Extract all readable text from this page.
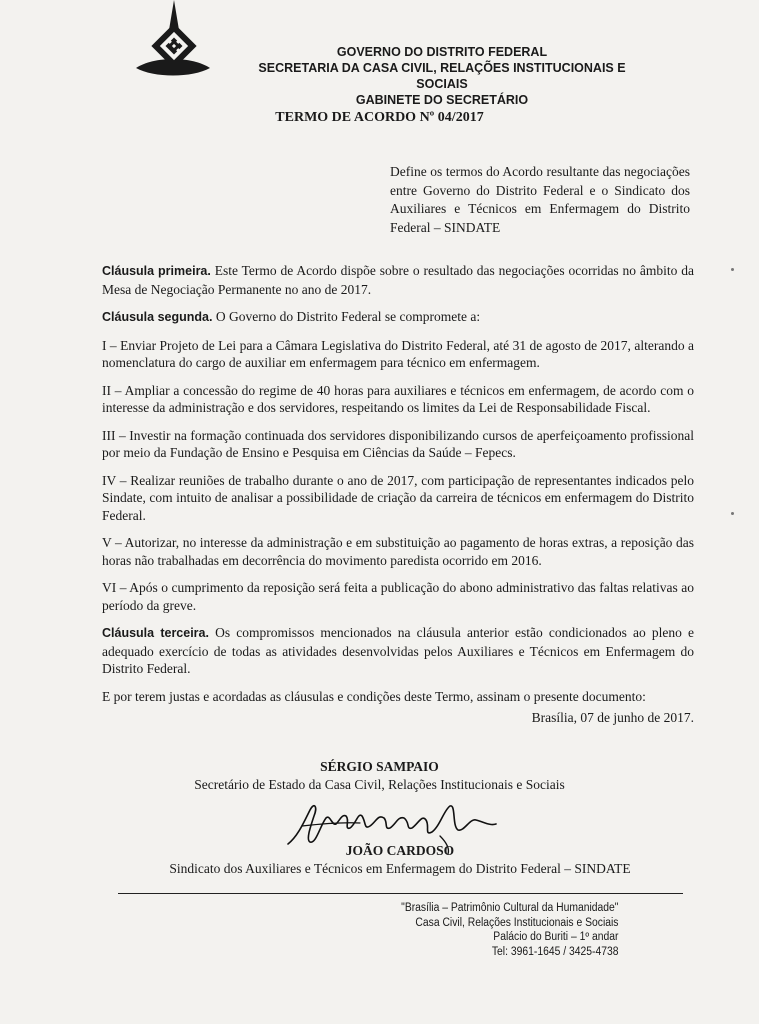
GOVERNO DO DISTRITO FEDERAL
SECRETARIA DA CASA CIVIL, RELAÇÕES INSTITUCIONAIS E SOCIAIS
GABINETE DO SECRETÁRIO
TERMO DE ACORDO Nº 04/2017
Define os termos do Acordo resultante das negociações entre Governo do Distrito Federal e o Sindicato dos Auxiliares e Técnicos em Enfermagem do Distrito Federal – SINDATE

Cláusula primeira. Este Termo de Acordo dispõe sobre o resultado das negociações ocorridas no âmbito da Mesa de Negociação Permanente no ano de 2017.

Cláusula segunda. O Governo do Distrito Federal se compromete a:

I – Enviar Projeto de Lei para a Câmara Legislativa do Distrito Federal, até 31 de agosto de 2017, alterando a nomenclatura do cargo de auxiliar em enfermagem para técnico em enfermagem.

II – Ampliar a concessão do regime de 40 horas para auxiliares e técnicos em enfermagem, de acordo com o interesse da administração e dos servidores, respeitando os limites da Lei de Responsabilidade Fiscal.

III – Investir na formação continuada dos servidores disponibilizando cursos de aperfeiçoamento profissional por meio da Fundação de Ensino e Pesquisa em Ciências da Saúde – Fepecs.

IV – Realizar reuniões de trabalho durante o ano de 2017, com participação de representantes indicados pelo Sindate, com intuito de analisar a possibilidade de criação da carreira de técnicos em enfermagem do Distrito Federal.

V – Autorizar, no interesse da administração e em substituição ao pagamento de horas extras, a reposição das horas não trabalhadas em decorrência do movimento paredista ocorrido em 2016.

VI – Após o cumprimento da reposição será feita a publicação do abono administrativo das faltas relativas ao período da greve.

Cláusula terceira. Os compromissos mencionados na cláusula anterior estão condicionados ao pleno e adequado exercício de todas as atividades desenvolvidas pelos Auxiliares e Técnicos em Enfermagem do Distrito Federal.

E por terem justas e acordadas as cláusulas e condições deste Termo, assinam o presente documento:

Brasília, 07 de junho de 2017.
SÉRGIO SAMPAIO
Secretário de Estado da Casa Civil, Relações Institucionais e Sociais
JOÃO CARDOSO
Sindicato dos Auxiliares e Técnicos em Enfermagem do Distrito Federal – SINDATE
"Brasília – Patrimônio Cultural da Humanidade"
Casa Civil, Relações Institucionais e Sociais
Palácio do Buriti – 1º andar
Tel: 3961-1645 / 3425-4738
